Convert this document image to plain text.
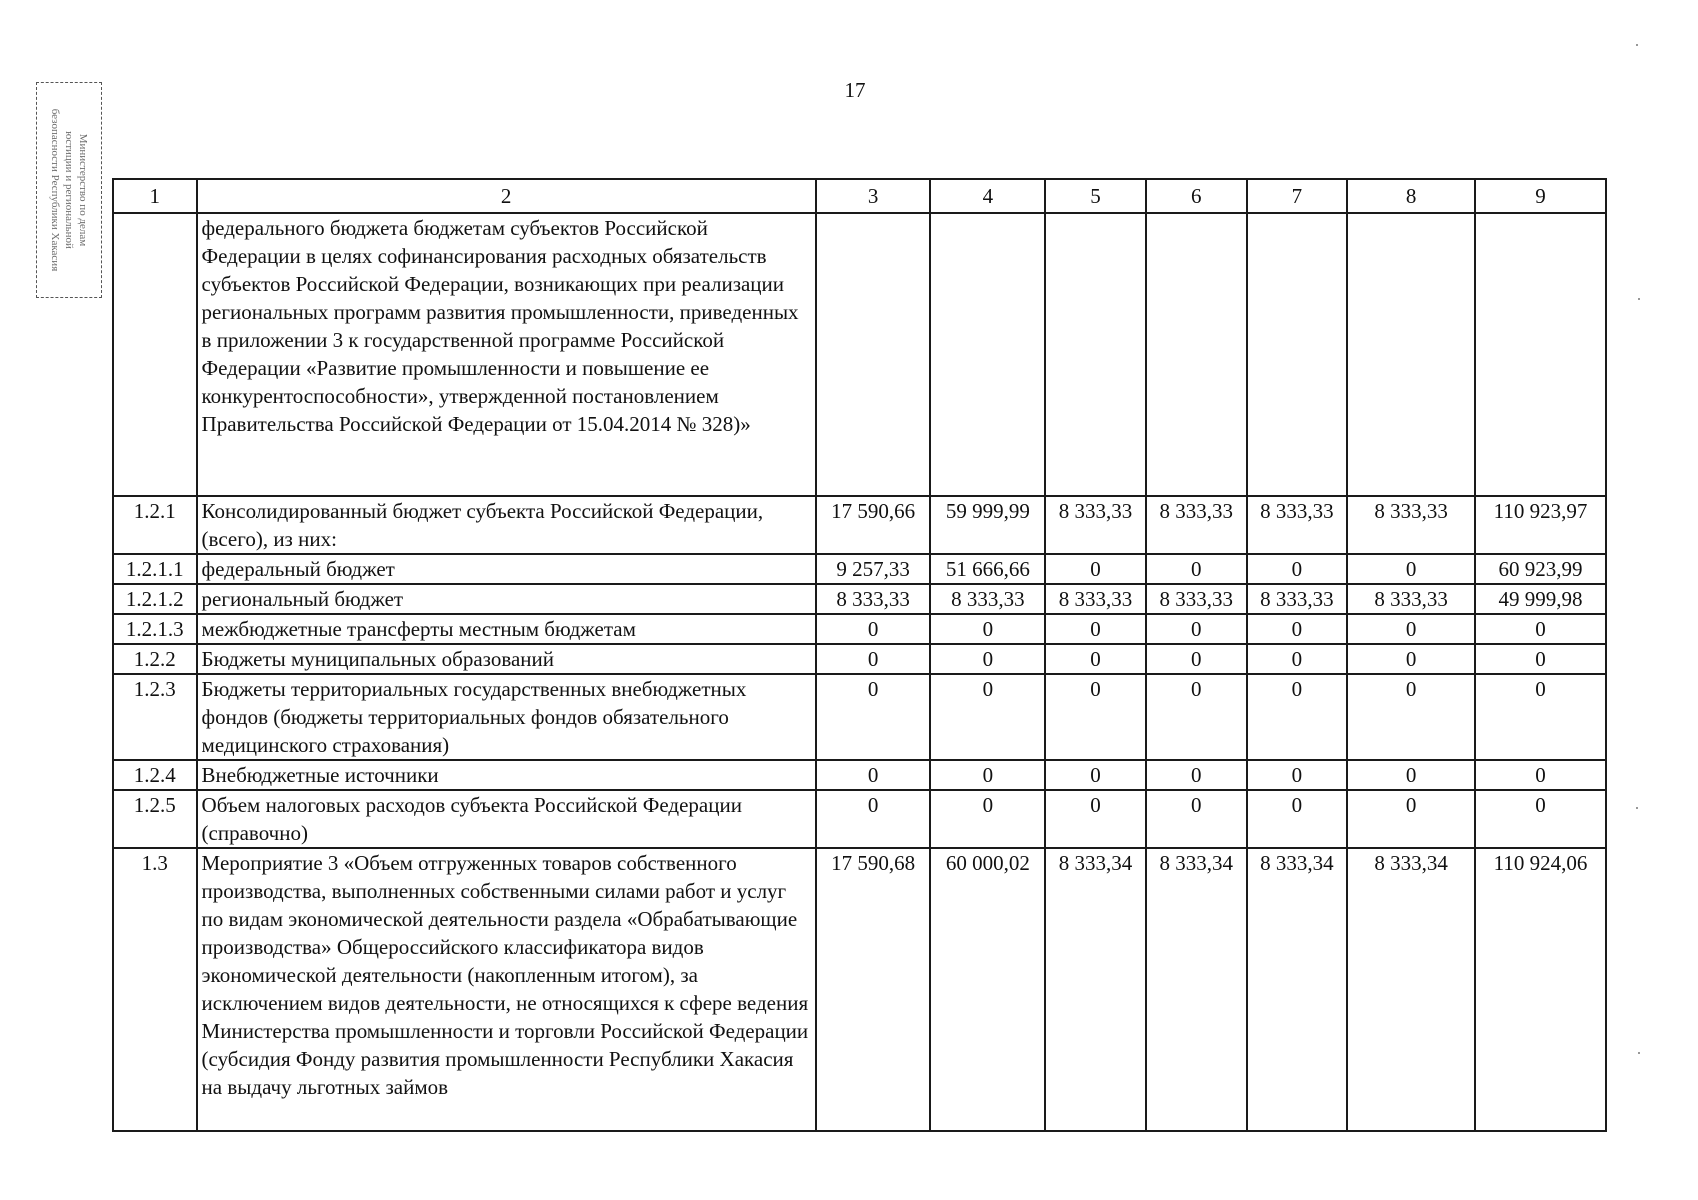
17
Министерство по делам
юстиции и региональной
безопасности Республики Хакасия
1	2	3	4	5	6	7	8	9
	федерального бюджета бюджетам субъектов Российской Федерации в целях софинансирования расходных обязательств субъектов Российской Федерации, возникающих при реализации региональных программ развития промышленности, приведенных в приложении 3 к государственной программе Российской Федерации «Развитие промышленности и повышение ее конкурентоспособности», утвержденной постановлением Правительства Российской Федерации от 15.04.2014 № 328)»							
1.2.1	Консолидированный бюджет субъекта Российской Федерации, (всего), из них:	17 590,66	59 999,99	8 333,33	8 333,33	8 333,33	8 333,33	110 923,97
1.2.1.1	федеральный бюджет	9 257,33	51 666,66	0	0	0	0	60 923,99
1.2.1.2	региональный бюджет	8 333,33	8 333,33	8 333,33	8 333,33	8 333,33	8 333,33	49 999,98
1.2.1.3	межбюджетные трансферты местным бюджетам	0	0	0	0	0	0	0
1.2.2	Бюджеты муниципальных образований	0	0	0	0	0	0	0
1.2.3	Бюджеты территориальных государственных внебюджетных фондов (бюджеты территориальных фондов обязательного медицинского страхования)	0	0	0	0	0	0	0
1.2.4	Внебюджетные источники	0	0	0	0	0	0	0
1.2.5	Объем налоговых расходов субъекта Российской Федерации (справочно)	0	0	0	0	0	0	0
1.3	Мероприятие 3 «Объем отгруженных товаров собственного производства, выполненных собственными силами работ и услуг по видам экономической деятельности раздела «Обрабатывающие производства» Общероссийского классификатора видов экономической деятельности (накопленным итогом), за исключением видов деятельности, не относящихся к сфере ведения Министерства промышленности и торговли Российской Федерации (субсидия Фонду развития промышленности Республики Хакасия на выдачу льготных займов	17 590,68	60 000,02	8 333,34	8 333,34	8 333,34	8 333,34	110 924,06
